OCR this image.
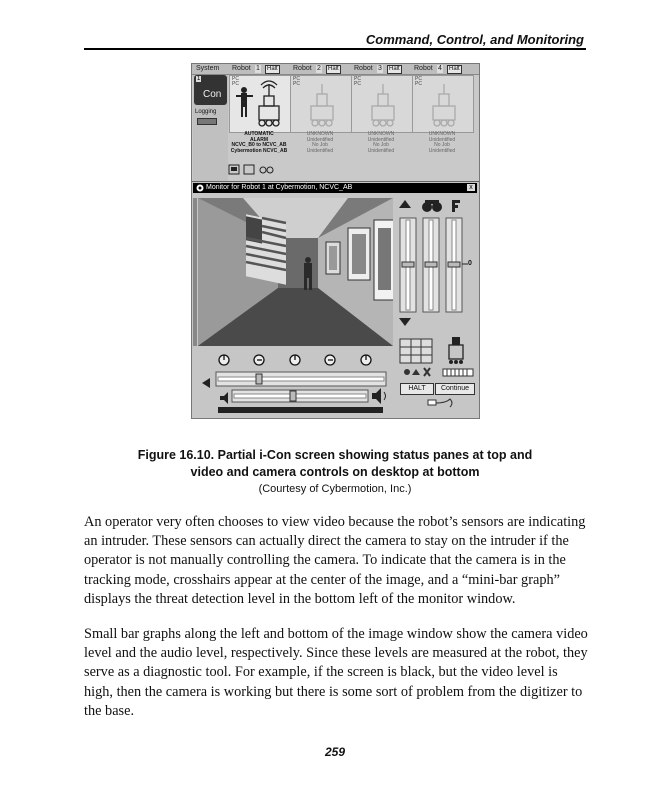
Command, Control, and Monitoring
System Robot 1	Halt Robot 2	Halt Robot 3	Halt Robot 4	Halt
1
Con
Logging
PC
PC
PC
PC
PC
PC
PC
PC
AUTOMATIC
ALARM
NCVC_B0 to NCVC_AB
Cybermotion NCVC_AB
UNKNOWN
Unidentified
No Job
Unidentified
UNKNOWN
Unidentified
No Job
Unidentified
UNKNOWN
Unidentified
No Job
Unidentified
Monitor for Robot 1 at Cybermotion, NCVC_AB	x
0
HALT	Continue
Figure 16.10. Partial i-Con screen showing status panes at top and
video and camera controls on desktop at bottom
(Courtesy of Cybermotion, Inc.)

An operator very often chooses to view video because the robot’s sensors are indicating an intruder. These sensors can actually direct the camera to stay on the intruder if the operator is not manually controlling the camera. To indicate that the camera is in the tracking mode, crosshairs appear at the center of the image, and a “mini-bar graph” displays the threat detection level in the bottom left of the monitor window.

Small bar graphs along the left and bottom of the image window show the camera video level and the audio level, respectively. Since these levels are measured at the robot, they serve as a diagnostic tool. For example, if the screen is black, but the video level is high, then the camera is working but there is some sort of problem from the digitizer to the base.

259
